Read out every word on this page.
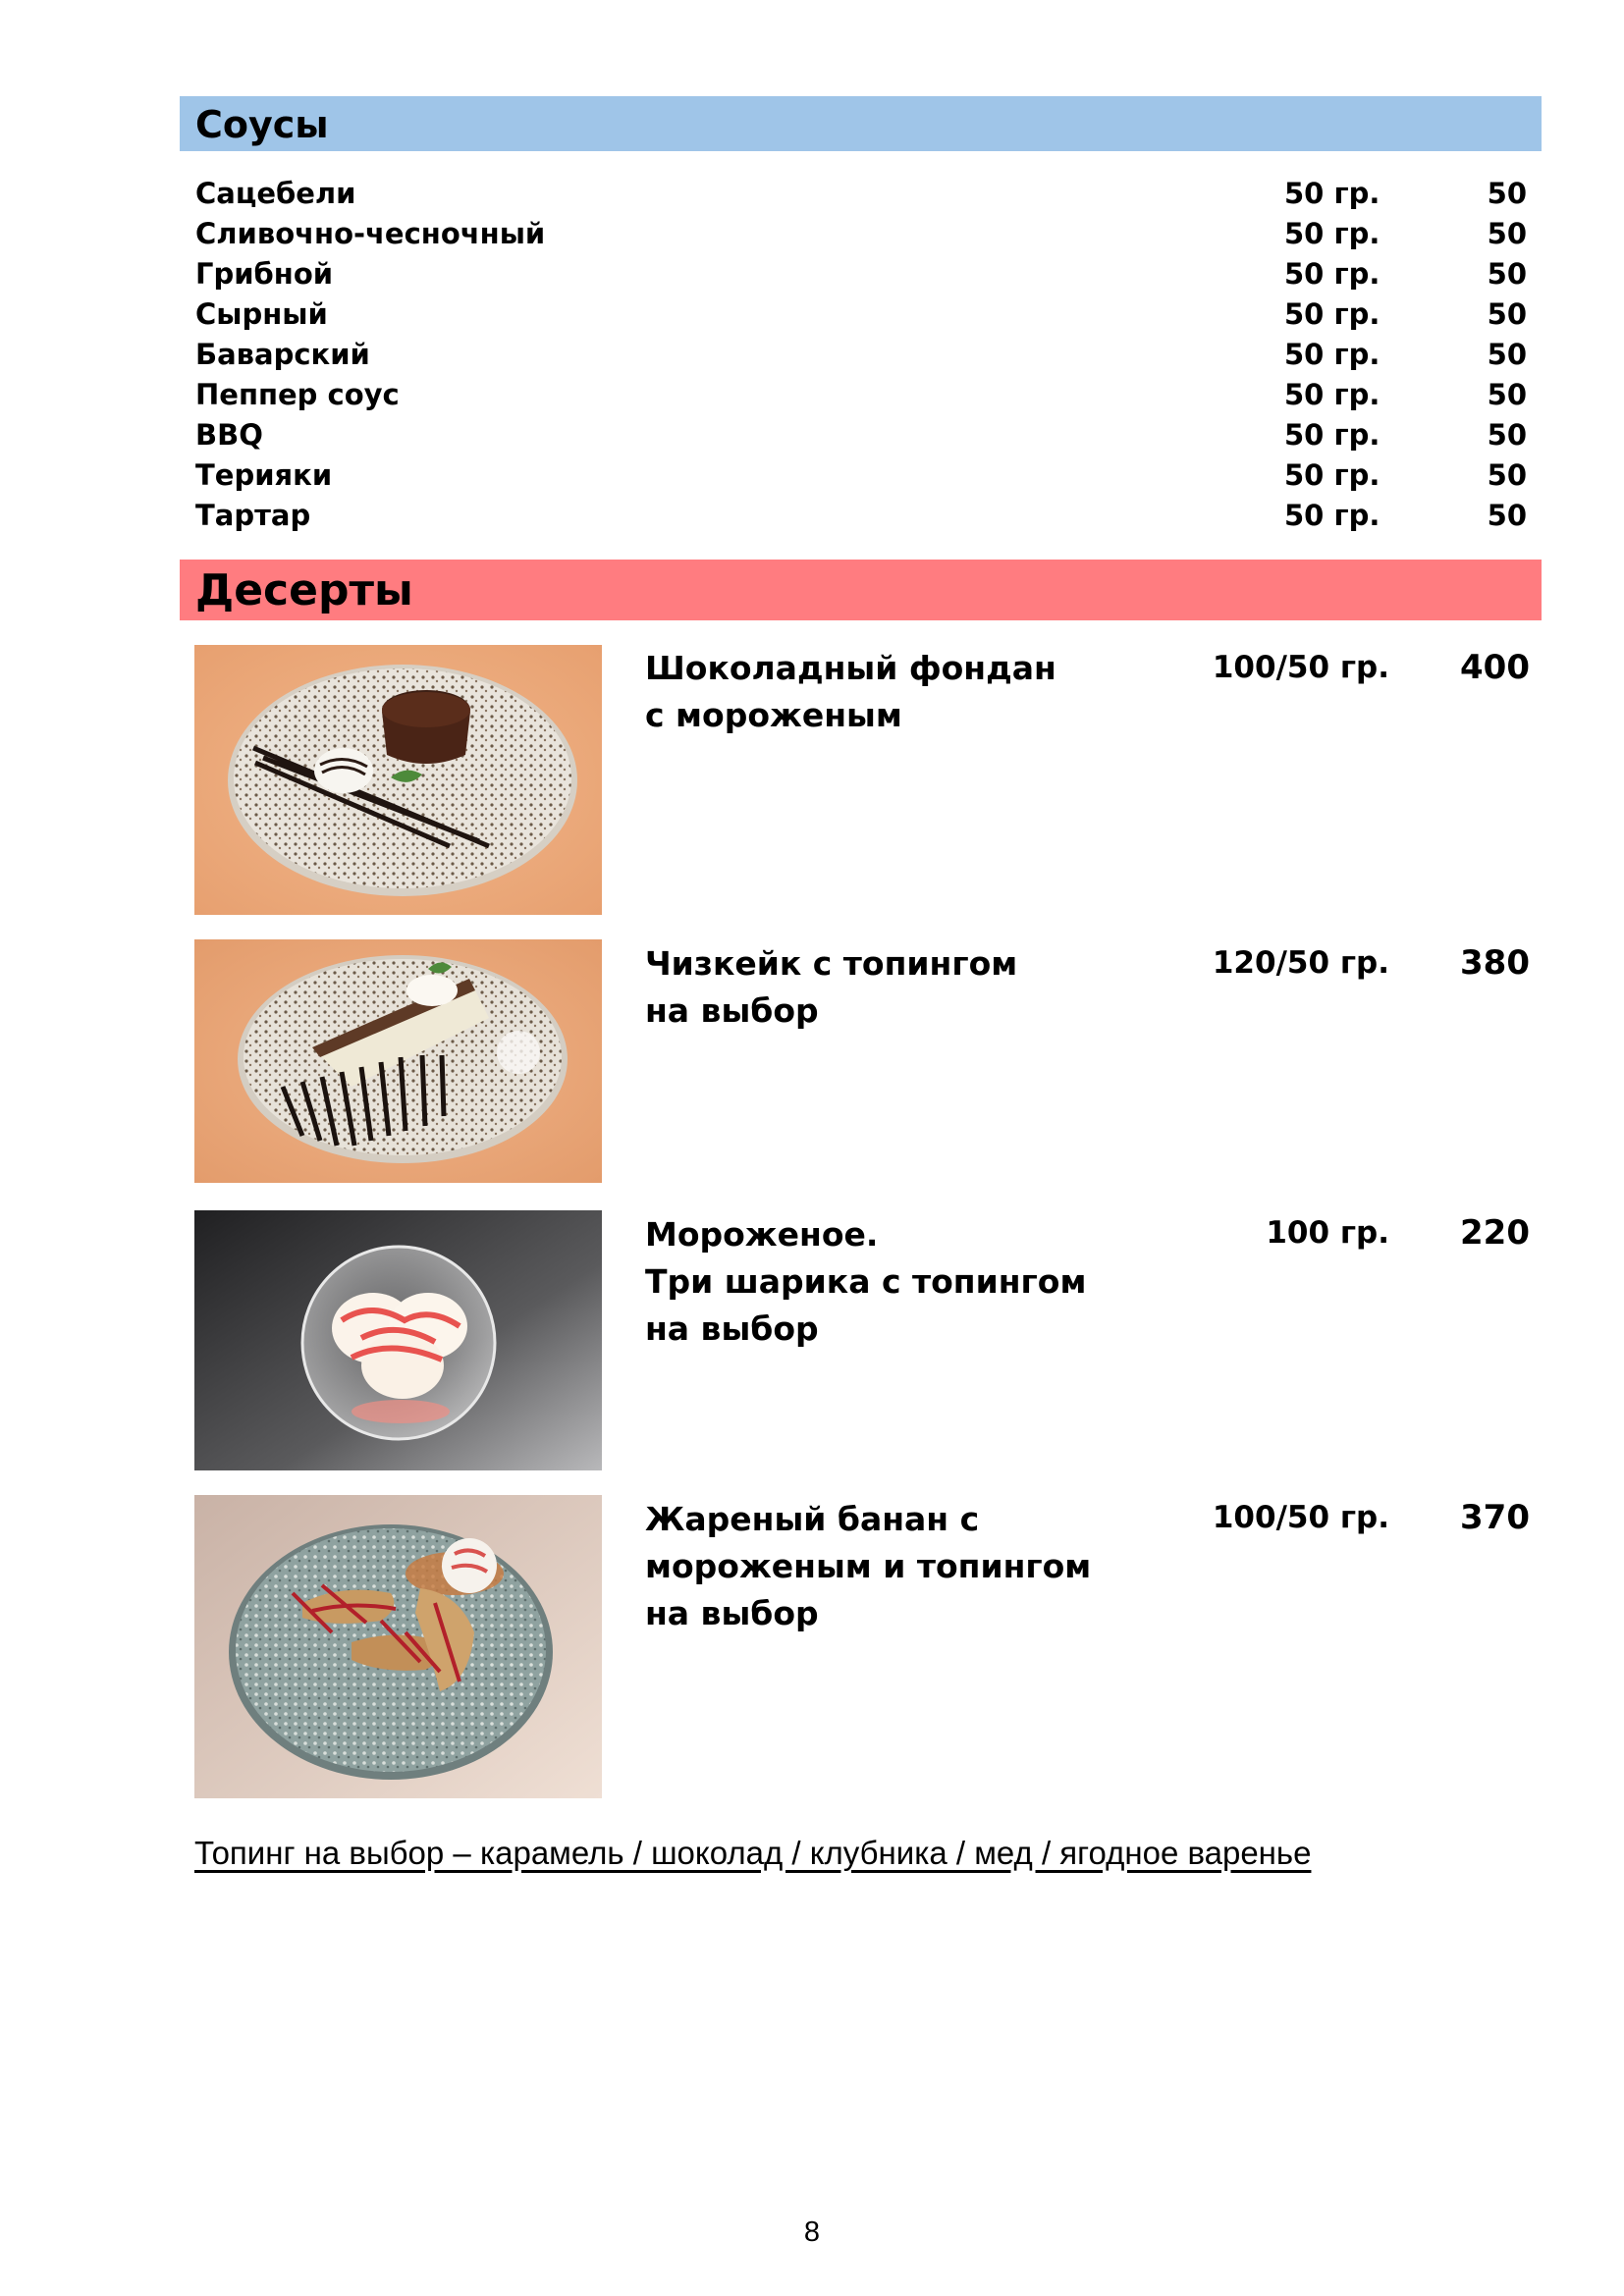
Соусы
Сацебели	50 гр.	50
Сливочно-чесночный	50 гр.	50
Грибной	50 гр.	50
Сырный	50 гр.	50
Баварский	50 гр.	50
Пеппер соус	50 гр.	50
BBQ	50 гр.	50
Терияки	50 гр.	50
Тартар	50 гр.	50
Десерты
Шоколадный фондан
с мороженым
100/50 гр.	400
Чизкейк с топингом
на выбор
120/50 гр.	380
Мороженое.
Три шарика с топингом
на выбор
100 гр.	220
Жареный банан с
мороженым и топингом
на выбор
100/50 гр.	370
Топинг на выбор – карамель / шоколад / клубника / мед / ягодное варенье
8
